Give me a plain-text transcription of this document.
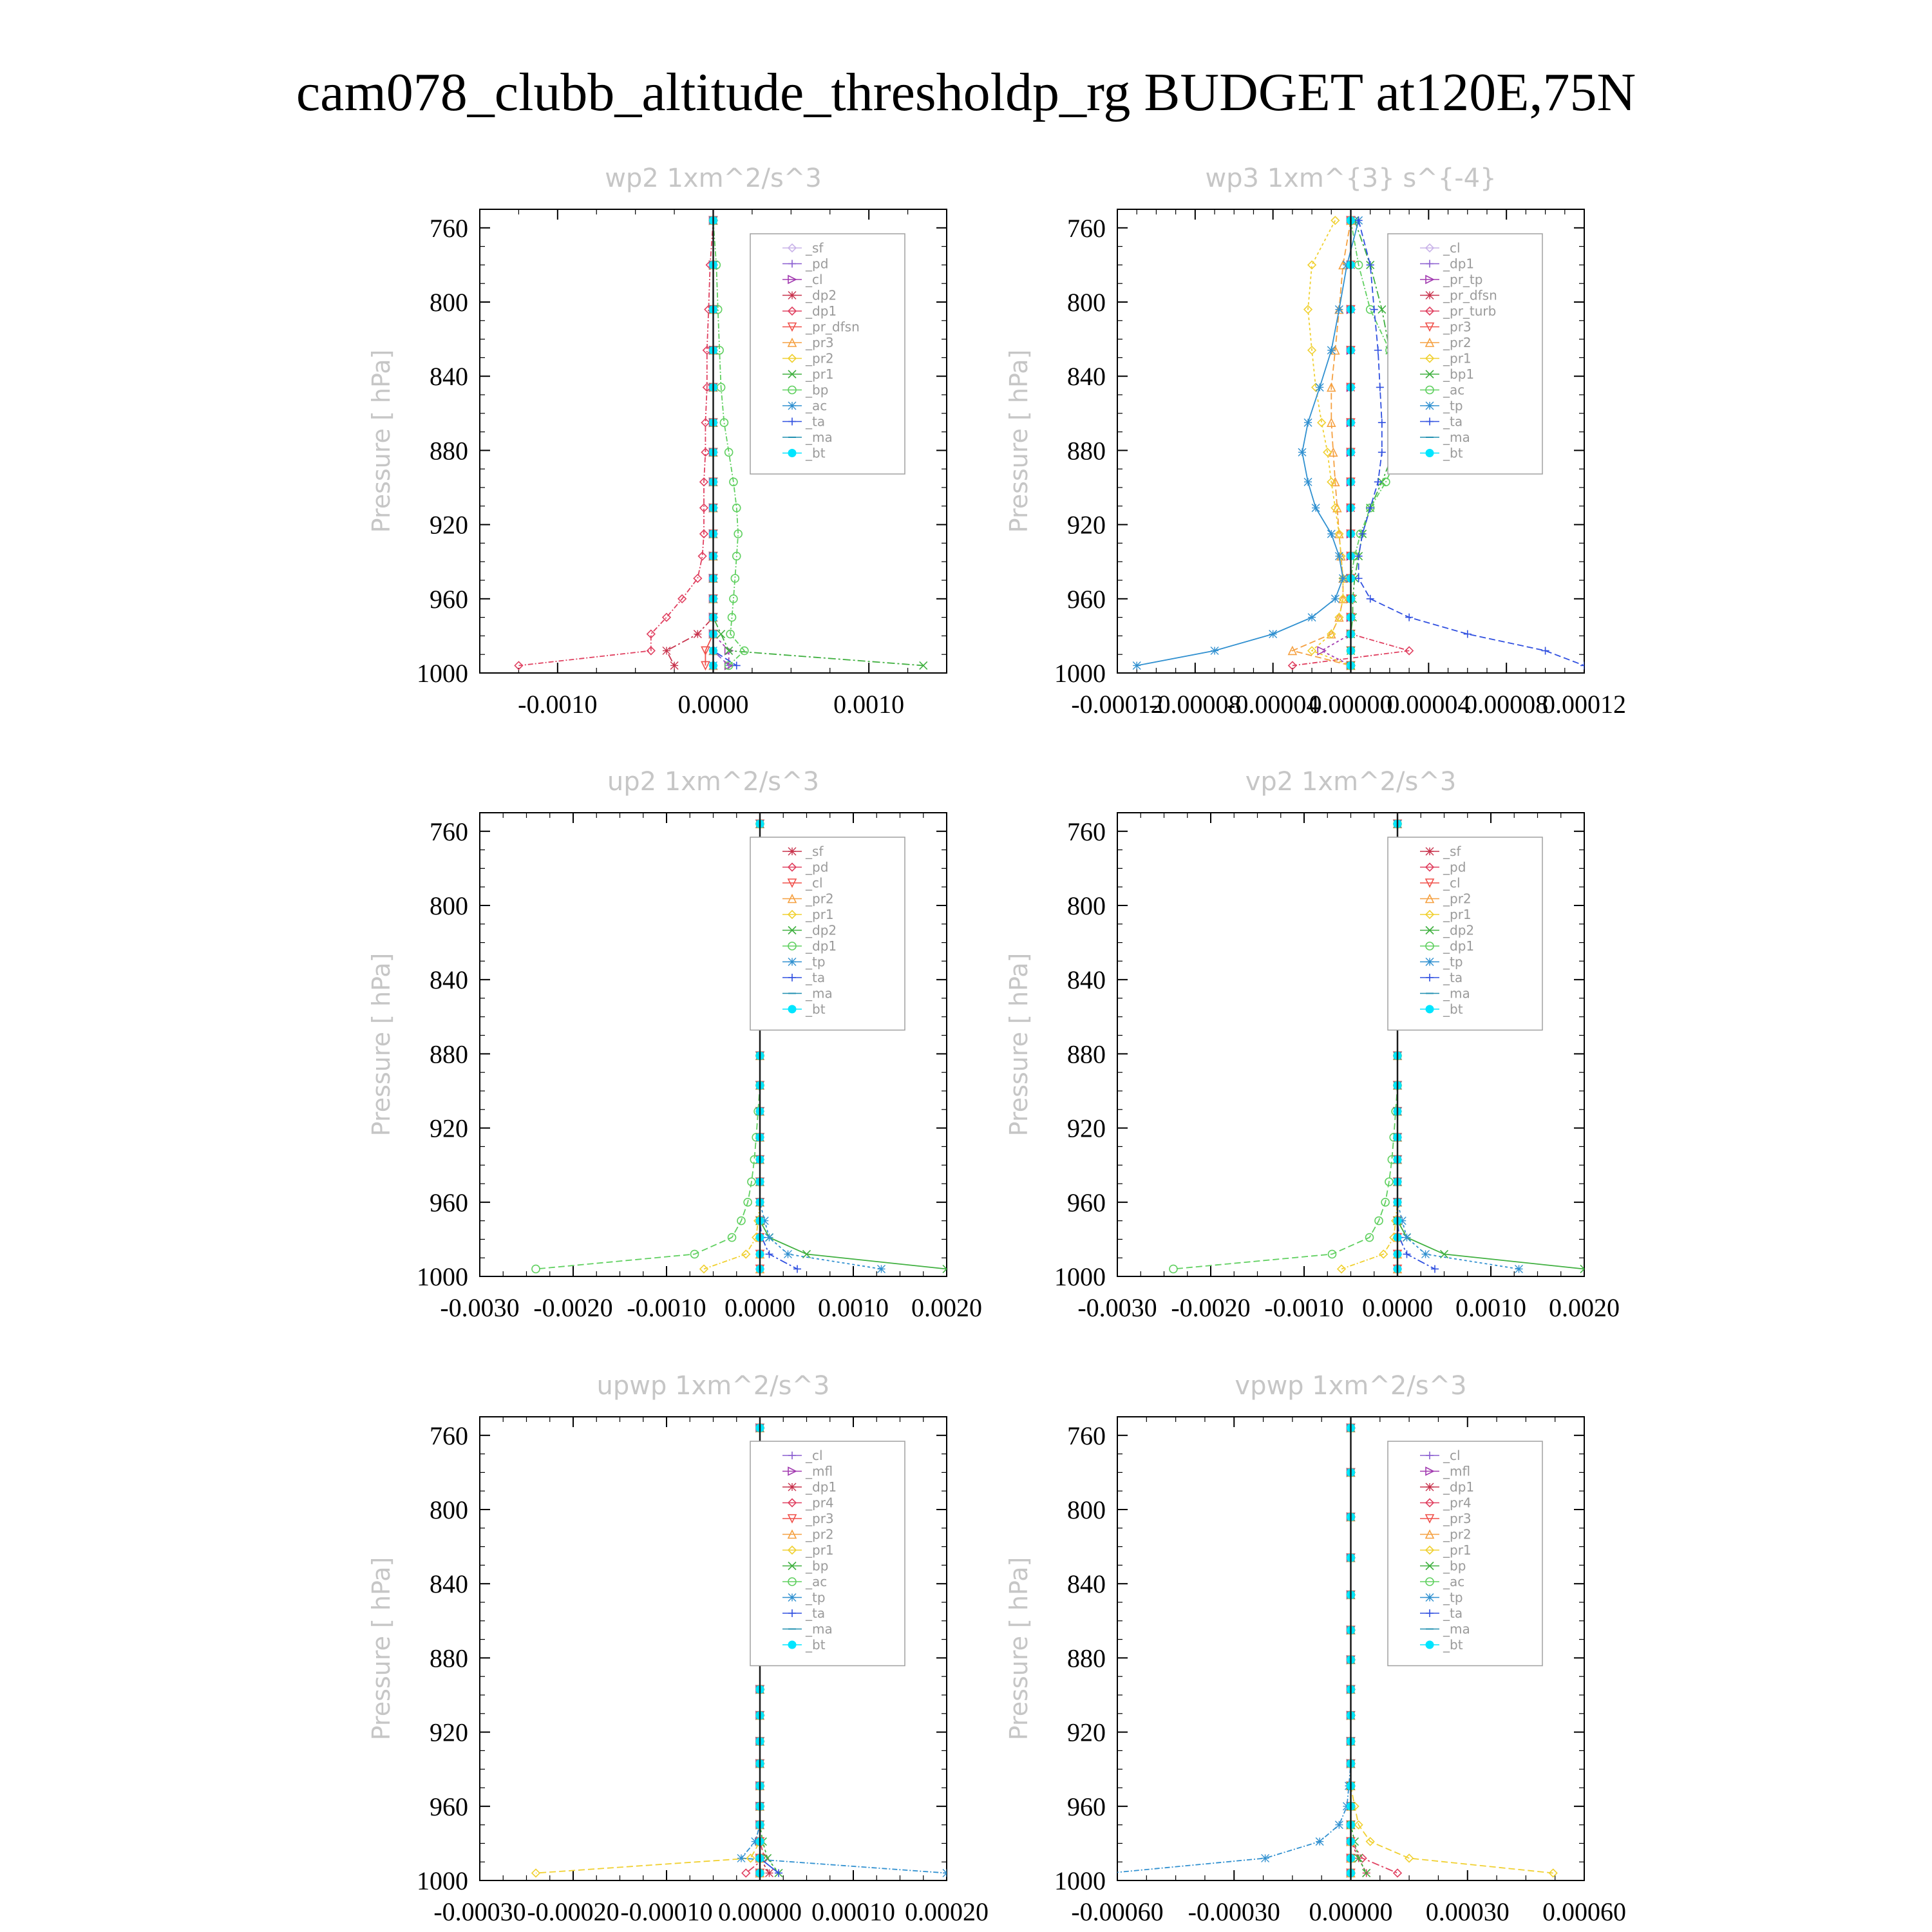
cam078_clubb_altitude_thresholdp_rg BUDGET at120E,75N
wp2 1xm^2/s^3
Pressure [ hPa]
760
800
840
880
920
960
1000
-0.0010	0.0000	0.0010
_sf
_pd
_cl
_dp2
_dp1
_pr_dfsn
_pr3
_pr2
_pr1
_bp
_ac
_ta
_ma
_bt
wp3 1xm^{3} s^{-4}
Pressure [ hPa]
760
800
840
880
920
960
1000
-0.00012
-0.00008
-0.00004
0.00000
0.00004
0.00008
0.00012
_cl
_dp1
_pr_tp
_pr_dfsn
_pr_turb
_pr3
_pr2
_pr1
_bp1
_ac
_tp
_ta
_ma
_bt
up2 1xm^2/s^3
Pressure [ hPa]
760
800
840
880
920
960
1000
-0.0030 -0.0020 -0.0010 0.0000 0.0010 0.0020
_sf
_pd
_cl
_pr2
_pr1
_dp2
_dp1
_tp
_ta
_ma
_bt
vp2 1xm^2/s^3
Pressure [ hPa]
760
800
840
880
920
960
1000
-0.0030 -0.0020 -0.0010 0.0000 0.0010 0.0020
_sf
_pd
_cl
_pr2
_pr1
_dp2
_dp1
_tp
_ta
_ma
_bt
upwp 1xm^2/s^3
Pressure [ hPa]
760
800
840
880
920
960
1000
-0.00030 -0.00020 -0.00010 0.00000 0.00010 0.00020
_cl
_mfl
_dp1
_pr4
_pr3
_pr2
_pr1
_bp
_ac
_tp
_ta
_ma
_bt
vpwp 1xm^2/s^3
Pressure [ hPa]
760
800
840
880
920
960
1000
-0.00060 -0.00030 0.00000 0.00030 0.00060
_cl
_mfl
_dp1
_pr4
_pr3
_pr2
_pr1
_bp
_ac
_tp
_ta
_ma
_bt
